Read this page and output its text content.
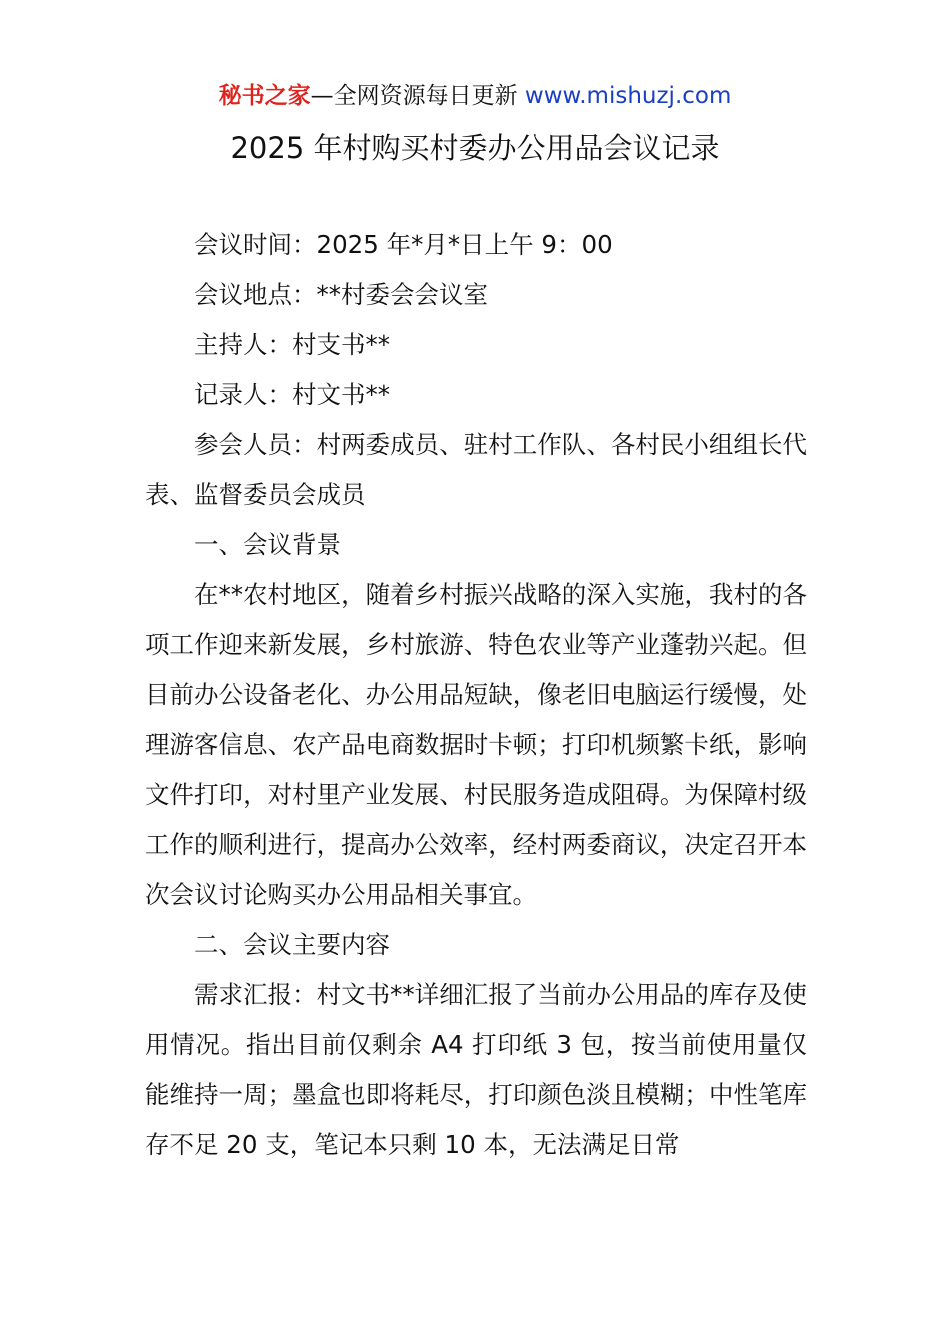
秘书之家—全网资源每日更新 www.mishuzj.com
2025 年村购买村委办公用品会议记录

会议时间：2025 年*月*日上午 9：00

会议地点：**村委会会议室

主持人：村支书**

记录人：村文书**

参会人员：村两委成员、驻村工作队、各村民小组组长代表、监督委员会成员

一、会议背景

在**农村地区，随着乡村振兴战略的深入实施，我村的各项工作迎来新发展，乡村旅游、特色农业等产业蓬勃兴起。但目前办公设备老化、办公用品短缺，像老旧电脑运行缓慢，处理游客信息、农产品电商数据时卡顿；打印机频繁卡纸，影响文件打印，对村里产业发展、村民服务造成阻碍。为保障村级工作的顺利进行，提高办公效率，经村两委商议，决定召开本次会议讨论购买办公用品相关事宜。

二、会议主要内容

需求汇报：村文书**详细汇报了当前办公用品的库存及使用情况。指出目前仅剩余 A4 打印纸 3 包，按当前使用量仅能维持一周；墨盒也即将耗尽，打印颜色淡且模糊；中性笔库存不足 20 支，笔记本只剩 10 本，无法满足日常
